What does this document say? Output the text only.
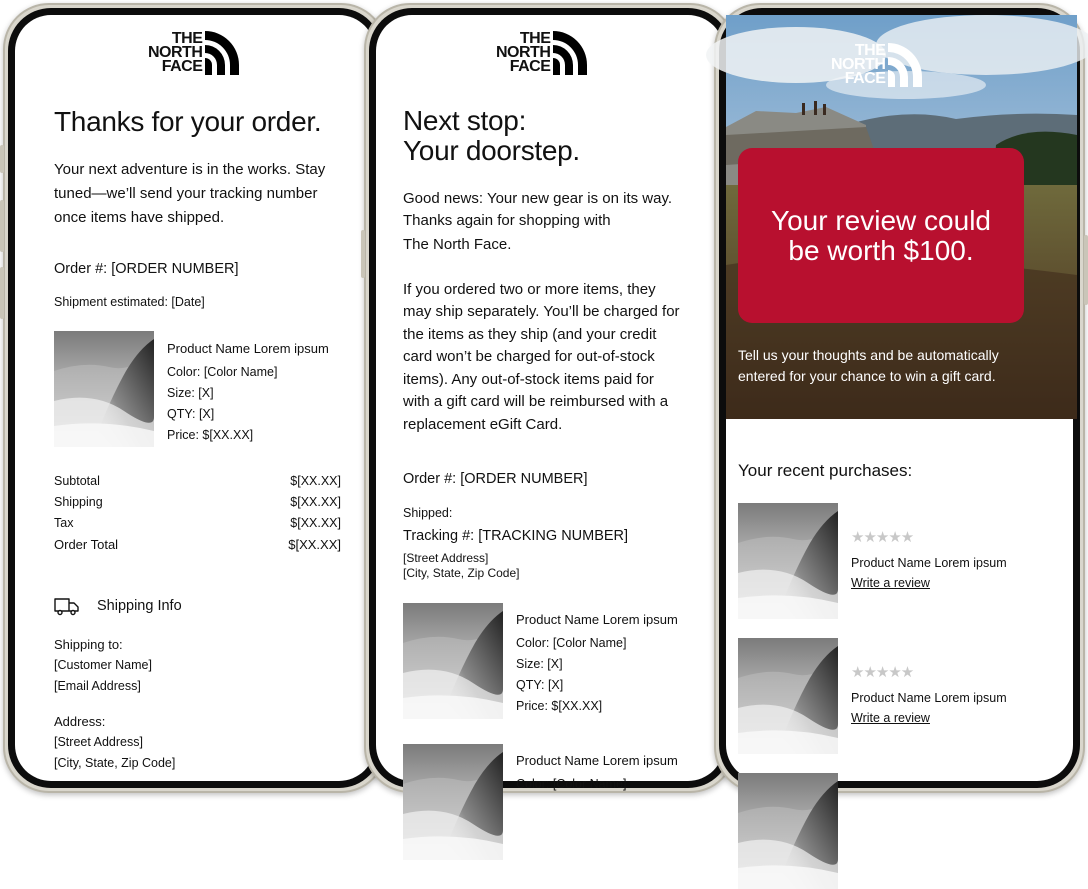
THE
NORTH
FACE
Thanks for your order.
Your next adventure is in the works. Stay tuned—we’ll send your tracking number once items have shipped.
Order #: [ORDER NUMBER]
Shipment estimated: [Date]
Product Name Lorem ipsum
Color: [Color Name]
Size: [X]
QTY: [X]
Price: $[XX.XX]
Subtotal	$[XX.XX]
Shipping	$[XX.XX]
Tax	$[XX.XX]
Order Total	$[XX.XX]
Shipping Info
Shipping to:
[Customer Name]
[Email Address]
Address:
[Street Address]
[City, State, Zip Code]
THE
NORTH
FACE
Next stop:
Your doorstep.
Good news: Your new gear is on its way.
Thanks again for shopping with
The North Face.
If you ordered two or more items, they
may ship separately. You’ll be charged for
the items as they ship (and your credit
card won’t be charged for out-of-stock
items). Any out-of-stock items paid for
with a gift card will be reimbursed with a
replacement eGift Card.
Order #: [ORDER NUMBER]
Shipped:
Tracking #: [TRACKING NUMBER]
[Street Address]
[City, State, Zip Code]
Product Name Lorem ipsum
Color: [Color Name]
Size: [X]
QTY: [X]
Price: $[XX.XX]
Product Name Lorem ipsum
Color: [Color Name]
THE
NORTH
FACE
Your review could
be worth $100.
Tell us your thoughts and be automatically
entered for your chance to win a gift card.
Your recent purchases:
★★★★★
Product Name Lorem ipsum
Write a review
★★★★★
Product Name Lorem ipsum
Write a review
